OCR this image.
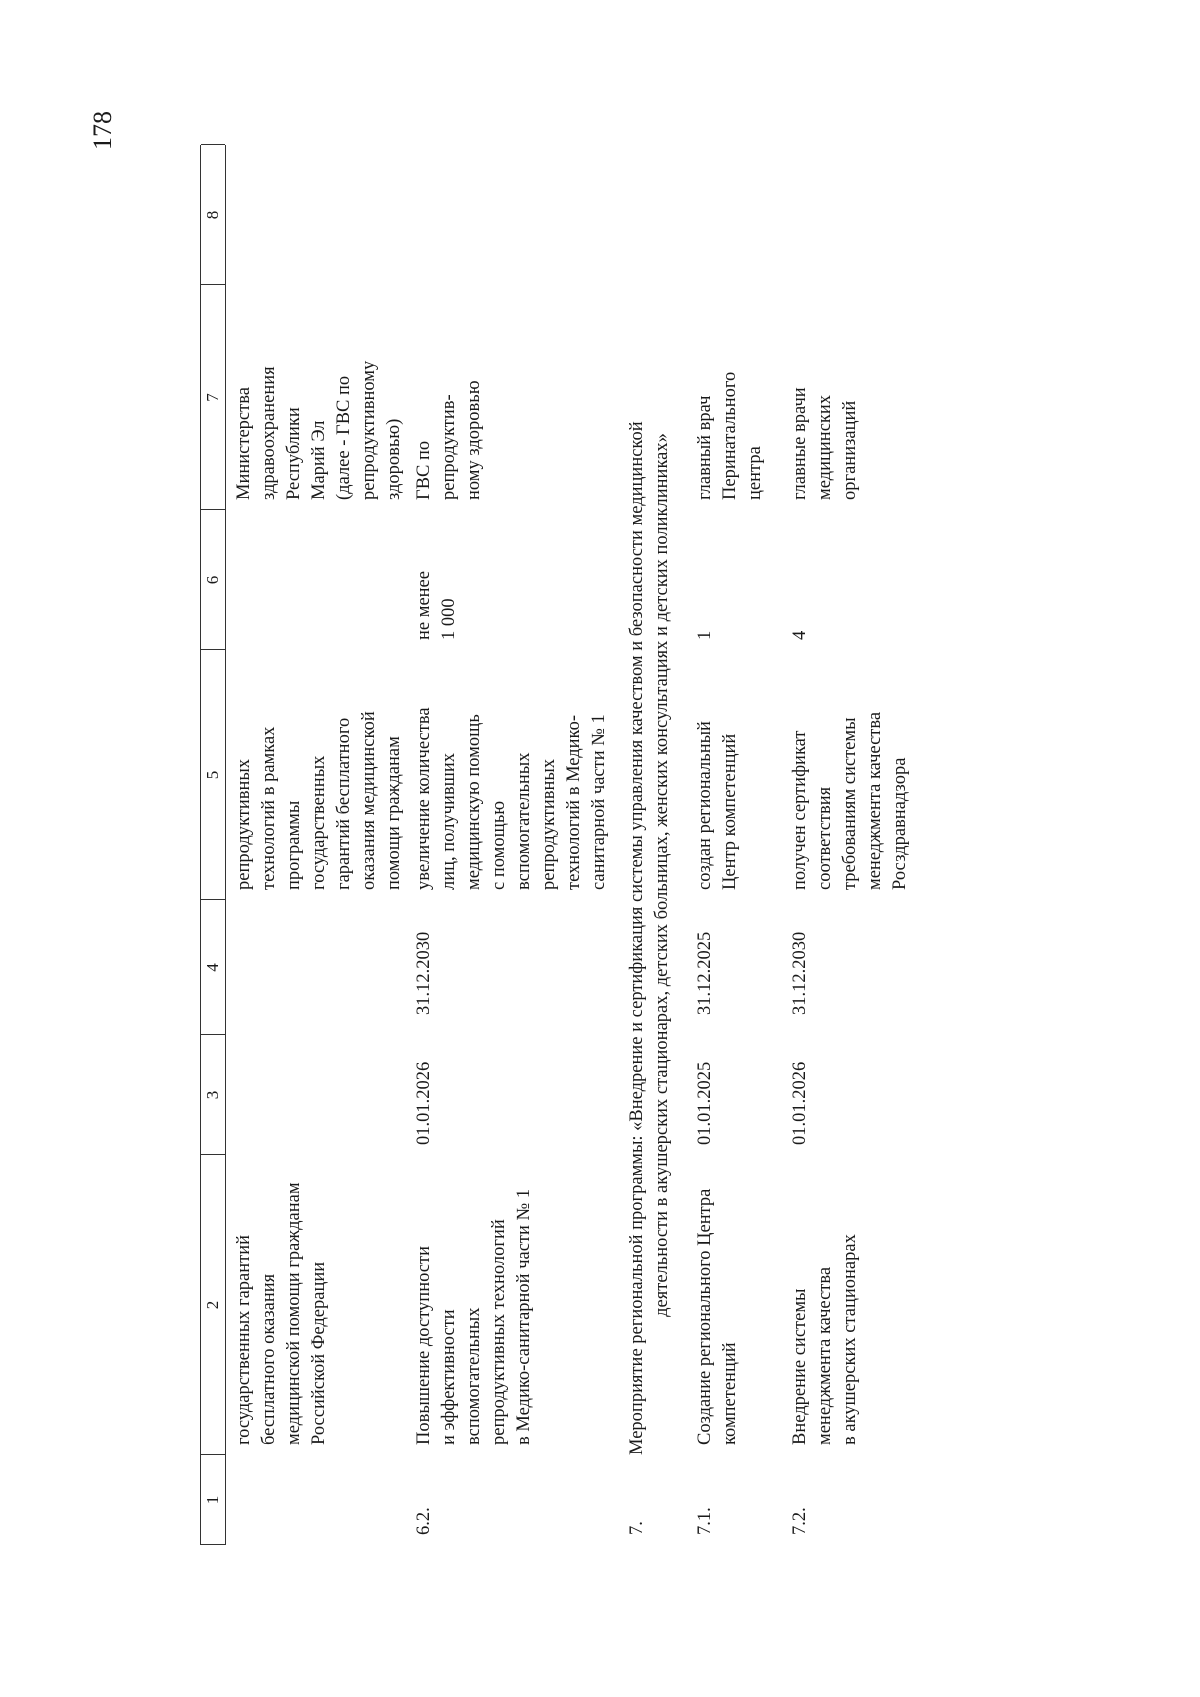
178
1
2
3
4
5
6
7
8
государственных гарантий бесплатного оказания медицинской помощи гражданам Российской Федерации
репродуктивных технологий в рамках программы государственных гарантий бесплатного оказания медицинской помощи гражданам
Министерства здравоохранения Республики Марий Эл (далее - ГВС по репродуктивному здоровью)
6.2.
Повышение доступности и эффективности вспомогательных репродуктивных технологий в Медико-санитарной части № 1
01.01.2026
31.12.2030
увеличение количества лиц, получивших медицинскую помощь с помощью вспомогательных репродуктивных технологий в Медико- санитарной части № 1
не менее 1 000
ГВС по репродуктив- ному здоровью
7.
Мероприятие региональной программы: «Внедрение и сертификация системы управления качеством и безопасности медицинской деятельности в акушерских стационарах, детских больницах, женских консультациях и детских поликлиниках»
7.1.
Создание регионального Центра компетенций
01.01.2025
31.12.2025
создан региональный Центр компетенций
1
главный врач Перинатального центра
7.2.
Внедрение системы менеджмента качества в акушерских стационарах
01.01.2026
31.12.2030
получен сертификат соответствия требованиям системы менеджмента качества Росздравнадзора
4
главные врачи медицинских организаций
